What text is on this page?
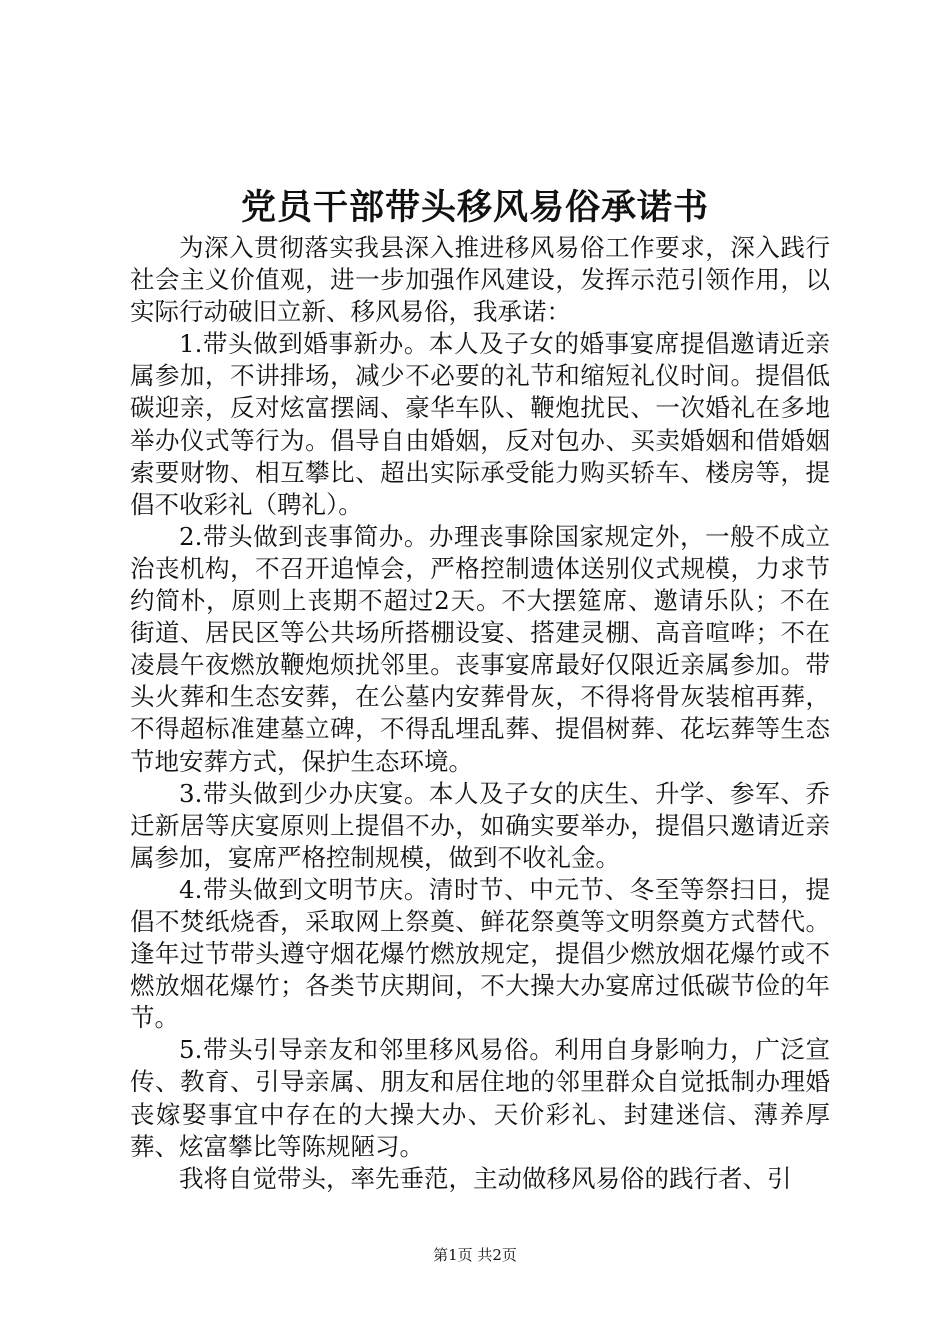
党员干部带头移风易俗承诺书

为深入贯彻落实我县深入推进移风易俗工作要求，深入践行社会主义价值观，进一步加强作风建设，发挥示范引领作用，以实际行动破旧立新、移风易俗，我承诺：

1.带头做到婚事新办。本人及子女的婚事宴席提倡邀请近亲属参加，不讲排场，减少不必要的礼节和缩短礼仪时间。提倡低碳迎亲，反对炫富摆阔、豪华车队、鞭炮扰民、一次婚礼在多地举办仪式等行为。倡导自由婚姻，反对包办、买卖婚姻和借婚姻索要财物、相互攀比、超出实际承受能力购买轿车、楼房等，提倡不收彩礼（聘礼）。

2.带头做到丧事简办。办理丧事除国家规定外，一般不成立治丧机构，不召开追悼会，严格控制遗体送别仪式规模，力求节约简朴，原则上丧期不超过2天。不大摆筵席、邀请乐队；不在街道、居民区等公共场所搭棚设宴、搭建灵棚、高音喧哗；不在凌晨午夜燃放鞭炮烦扰邻里。丧事宴席最好仅限近亲属参加。带头火葬和生态安葬，在公墓内安葬骨灰，不得将骨灰装棺再葬，不得超标准建墓立碑，不得乱埋乱葬、提倡树葬、花坛葬等生态节地安葬方式，保护生态环境。

3.带头做到少办庆宴。本人及子女的庆生、升学、参军、乔迁新居等庆宴原则上提倡不办，如确实要举办，提倡只邀请近亲属参加，宴席严格控制规模，做到不收礼金。

4.带头做到文明节庆。清时节、中元节、冬至等祭扫日，提倡不焚纸烧香，采取网上祭奠、鲜花祭奠等文明祭奠方式替代。逢年过节带头遵守烟花爆竹燃放规定，提倡少燃放烟花爆竹或不燃放烟花爆竹；各类节庆期间，不大操大办宴席过低碳节俭的年节。

5.带头引导亲友和邻里移风易俗。利用自身影响力，广泛宣传、教育、引导亲属、朋友和居住地的邻里群众自觉抵制办理婚丧嫁娶事宜中存在的大操大办、天价彩礼、封建迷信、薄养厚葬、炫富攀比等陈规陋习。

我将自觉带头，率先垂范，主动做移风易俗的践行者、引

第1页 共2页
